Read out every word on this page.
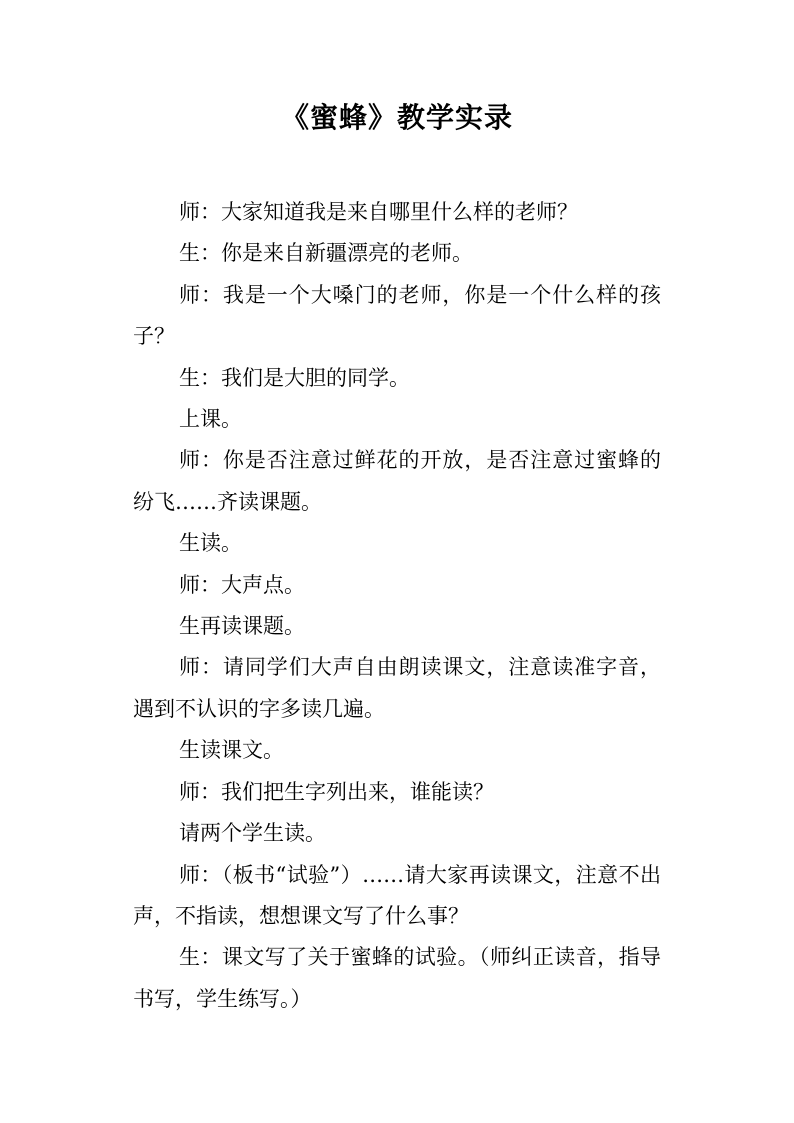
《蜜蜂》教学实录

师：大家知道我是来自哪里什么样的老师？

生：你是来自新疆漂亮的老师。

师：我是一个大嗓门的老师，你是一个什么样的孩子？

生：我们是大胆的同学。

上课。

师：你是否注意过鲜花的开放，是否注意过蜜蜂的纷飞……齐读课题。

生读。

师：大声点。

生再读课题。

师：请同学们大声自由朗读课文，注意读准字音，遇到不认识的字多读几遍。

生读课文。

师：我们把生字列出来，谁能读？

请两个学生读。

师：（板书“试验”）……请大家再读课文，注意不出声，不指读，想想课文写了什么事？

生：课文写了关于蜜蜂的试验。（师纠正读音，指导书写，学生练写。）
